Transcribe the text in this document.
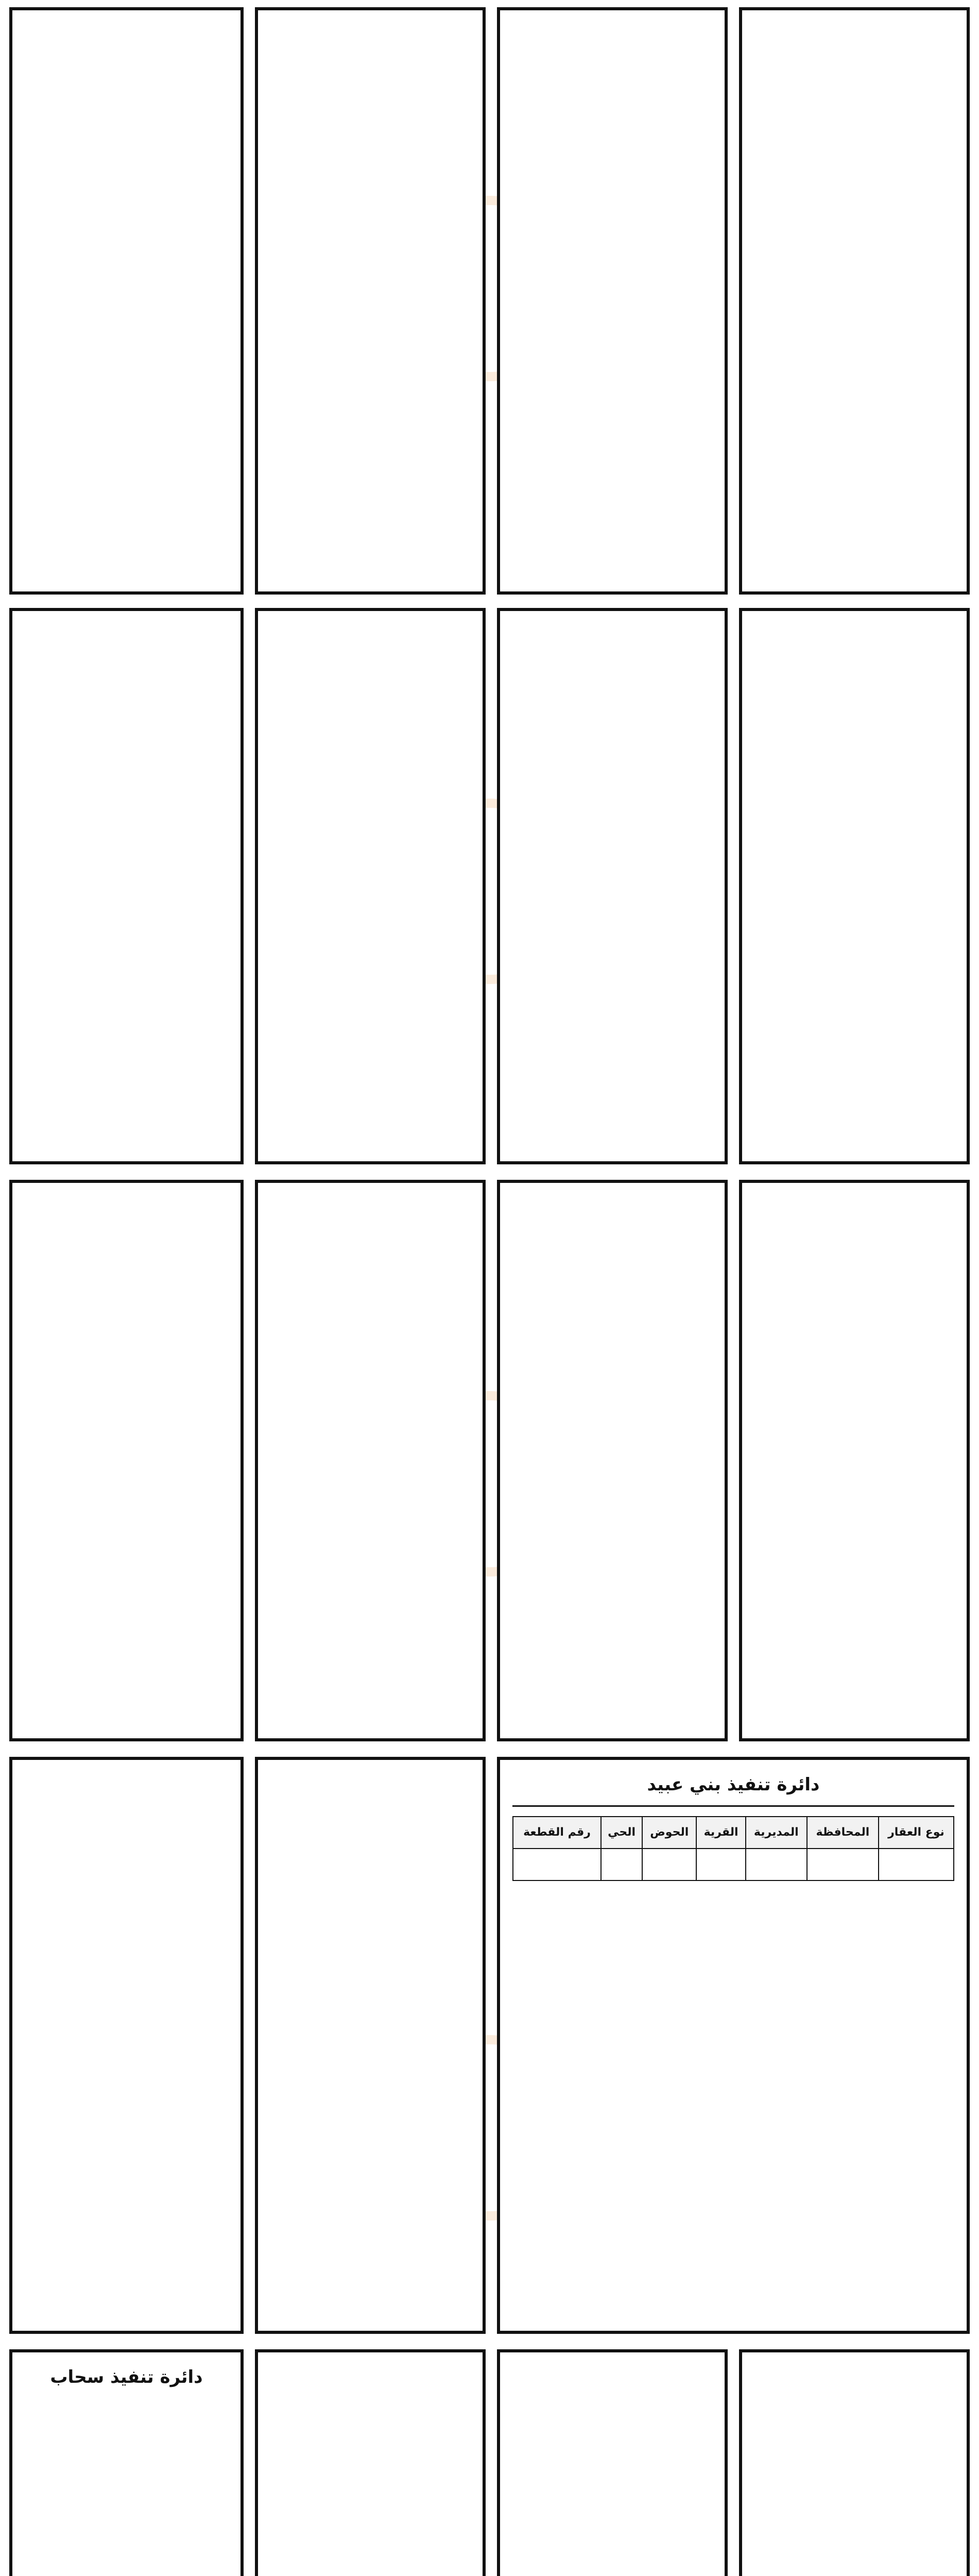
دائرة تنفيذ بني عبيد
نوع العقار	المحافظة	المديرية	القرية	الحوض	الحي	رقم القطعة

دائرة تنفيذ سحاب
